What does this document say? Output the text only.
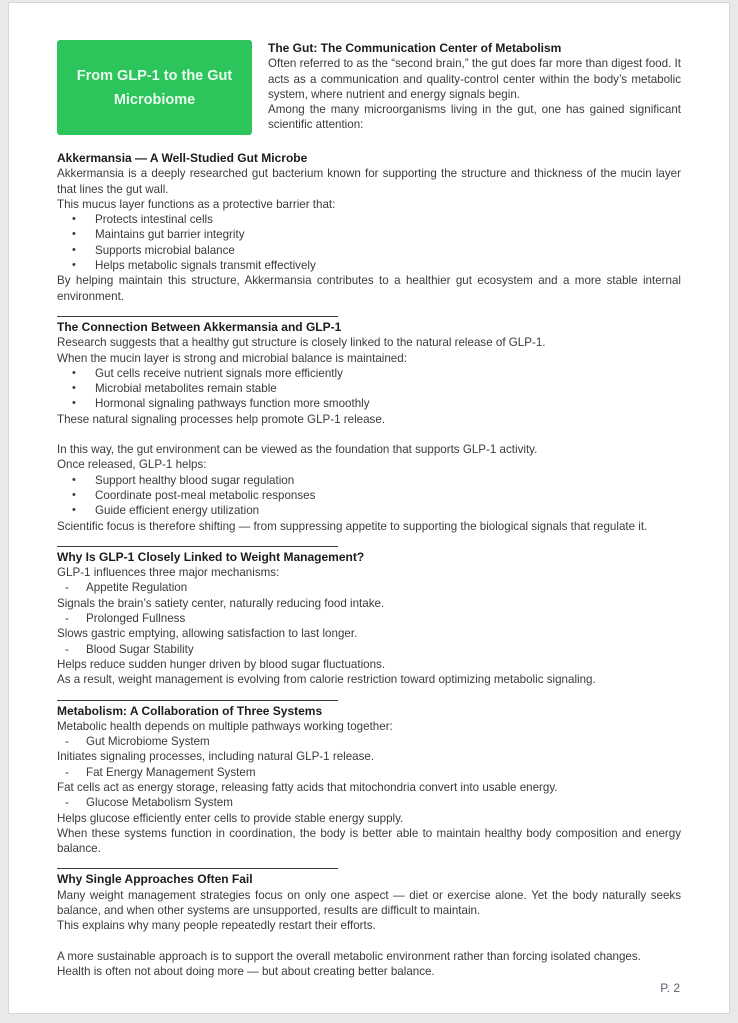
From GLP-1 to the Gut
Microbiome
The Gut: The Communication Center of Metabolism

Often referred to as the “second brain,” the gut does far more than digest food. It acts as a communication and quality-control center within the body’s metabolic system, where nutrient and energy signals begin.

Among the many microorganisms living in the gut, one has gained significant scientific attention:

Akkermansia — A Well-Studied Gut Microbe

Akkermansia is a deeply researched gut bacterium known for supporting the structure and thickness of the mucin layer that lines the gut wall.

This mucus layer functions as a protective barrier that:

•	Protects intestinal cells
•	Maintains gut barrier integrity
•	Supports microbial balance
•	Helps metabolic signals transmit effectively

By helping maintain this structure, Akkermansia contributes to a healthier gut ecosystem and a more stable internal environment.

The Connection Between Akkermansia and GLP-1

Research suggests that a healthy gut structure is closely linked to the natural release of GLP-1.

When the mucin layer is strong and microbial balance is maintained:

•	Gut cells receive nutrient signals more efficiently
•	Microbial metabolites remain stable
•	Hormonal signaling pathways function more smoothly

These natural signaling processes help promote GLP-1 release.

In this way, the gut environment can be viewed as the foundation that supports GLP-1 activity.

Once released, GLP-1 helps:

•	Support healthy blood sugar regulation
•	Coordinate post-meal metabolic responses
•	Guide efficient energy utilization

Scientific focus is therefore shifting — from suppressing appetite to supporting the biological signals that regulate it.

Why Is GLP-1 Closely Linked to Weight Management?

GLP-1 influences three major mechanisms:

-	Appetite Regulation

Signals the brain’s satiety center, naturally reducing food intake.

-	Prolonged Fullness

Slows gastric emptying, allowing satisfaction to last longer.

-	Blood Sugar Stability

Helps reduce sudden hunger driven by blood sugar fluctuations.

As a result, weight management is evolving from calorie restriction toward optimizing metabolic signaling.

Metabolism: A Collaboration of Three Systems

Metabolic health depends on multiple pathways working together:

-	Gut Microbiome System

Initiates signaling processes, including natural GLP-1 release.

-	Fat Energy Management System

Fat cells act as energy storage, releasing fatty acids that mitochondria convert into usable energy.

-	Glucose Metabolism System

Helps glucose efficiently enter cells to provide stable energy supply.

When these systems function in coordination, the body is better able to maintain healthy body composition and energy balance.

Why Single Approaches Often Fail

Many weight management strategies focus on only one aspect — diet or exercise alone. Yet the body naturally seeks balance, and when other systems are unsupported, results are difficult to maintain.

This explains why many people repeatedly restart their efforts.

A more sustainable approach is to support the overall metabolic environment rather than forcing isolated changes.

Health is often not about doing more — but about creating better balance.

P. 2
